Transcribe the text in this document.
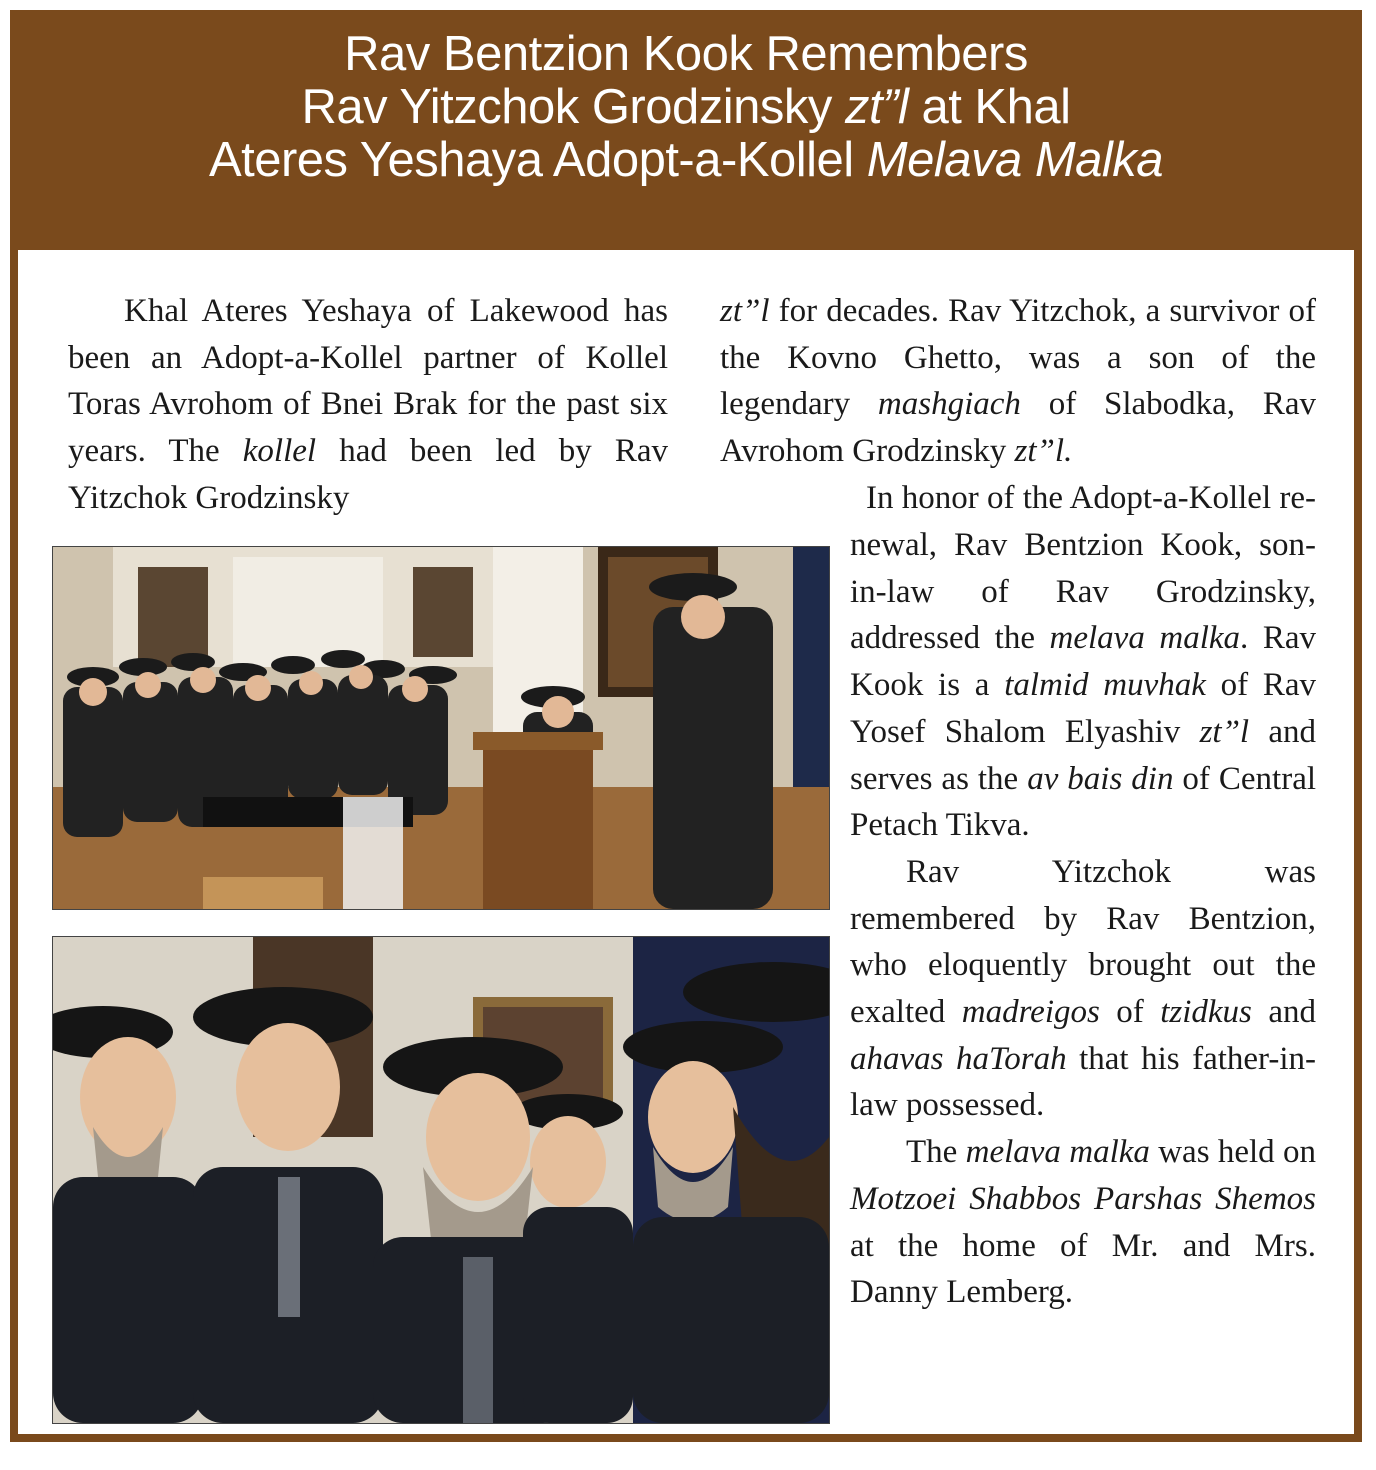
Rav Bentzion Kook Remembers
Rav Yitzchok Grodzinsky zt”l at Khal
Ateres Yeshaya Adopt-a-Kollel Melava Malka

Khal Ateres Yeshaya of Lakewood has been an Adopt-a-Kollel partner of Kollel Toras Avrohom of Bnei Brak for the past six years. The kollel had been led by Rav Yitzchok Grodzinsky

zt”l for decades. Rav Yitzchok, a survivor of the Kovno Ghetto, was a son of the legendary mashgiach of Slabodka, Rav Avrohom Grodzinsky zt”l.

In honor of the Adopt-a-Kollel re-

newal, Rav Bentzion Kook, son-in-law of Rav Grodzinsky, addressed the melava malka. Rav Kook is a talmid muvhak of Rav Yosef Shalom Elyashiv zt”l and serves as the av bais din of Central Petach Tikva.

Rav Yitzchok was remembered by Rav Bentzion, who eloquently brought out the exalted madreigos of tzidkus and ahavas haTorah that his father-in-law possessed.

The melava malka was held on Motzoei Shabbos Parshas Shemos at the home of Mr. and Mrs. Danny Lemberg.
